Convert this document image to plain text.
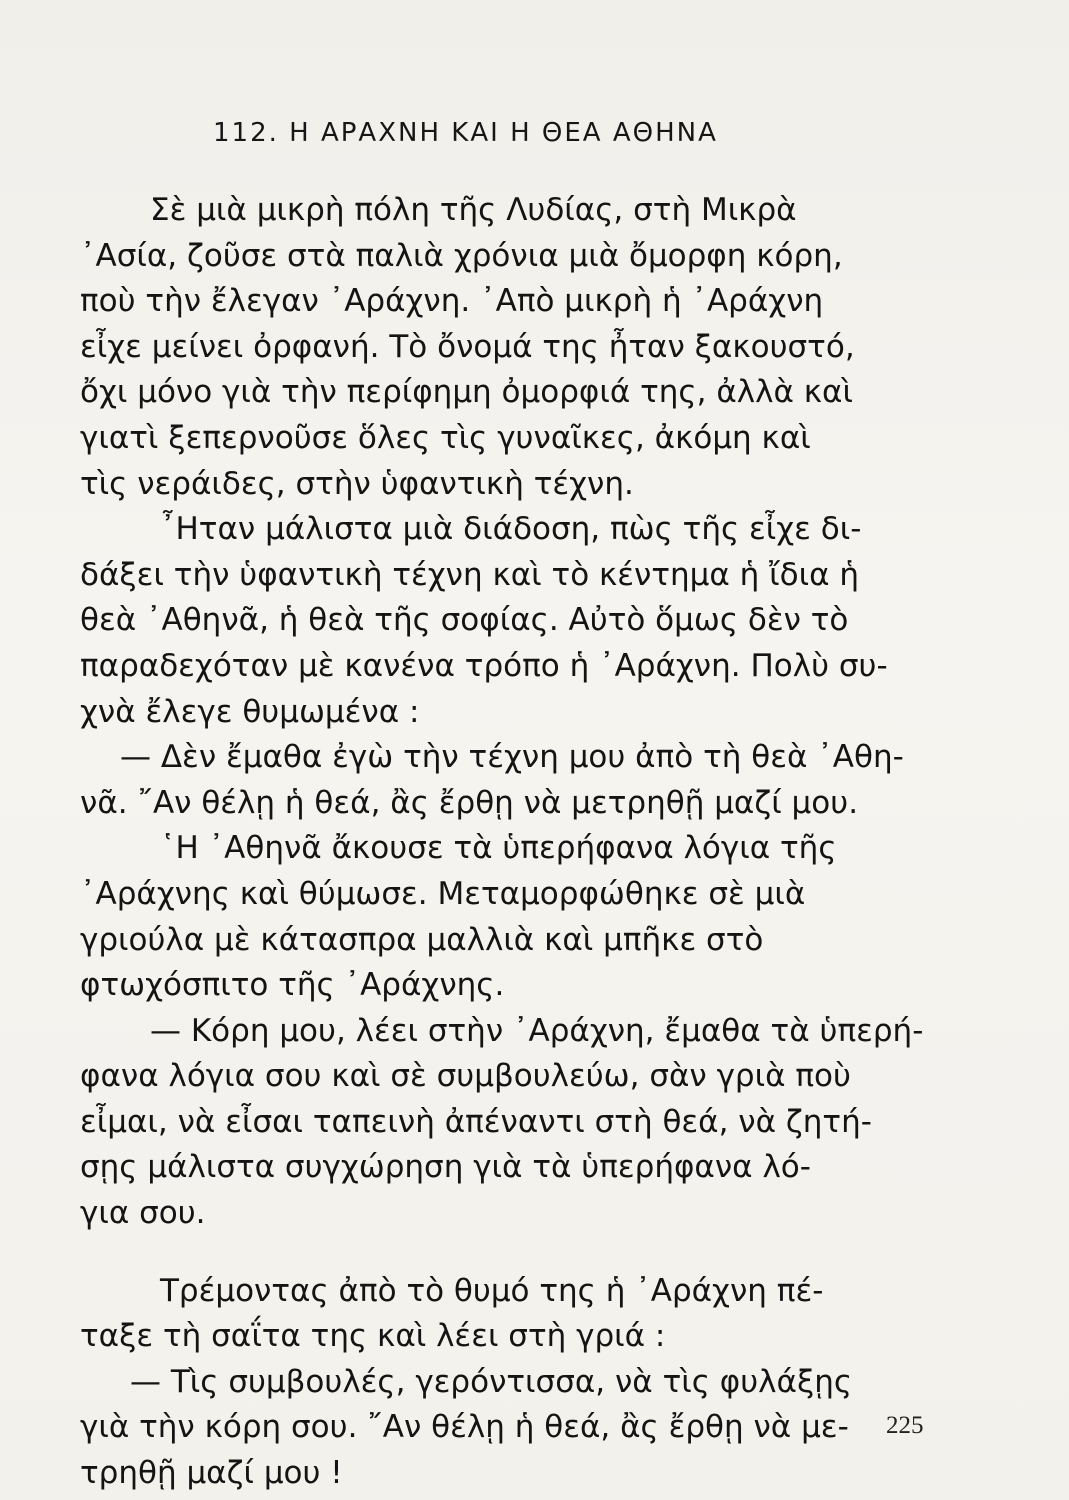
112. Η ΑΡΑΧΝΗ ΚΑΙ Η ΘΕΑ ΑΘΗΝΑ
Σὲ μιὰ μικρὴ πόλη τῆς Λυδίας, στὴ Μικρὰ
᾿Ασία, ζοῦσε στὰ παλιὰ χρόνια μιὰ ὄμορφη κόρη,
ποὺ τὴν ἔλεγαν ᾿Αράχνη. ᾿Απὸ μικρὴ ἡ ᾿Αράχνη
εἶχε μείνει ὀρφανή. Τὸ ὄνομά της ἦταν ξακουστό,
ὄχι μόνο γιὰ τὴν περίφημη ὀμορφιά της, ἀλλὰ καὶ
γιατὶ ξεπερνοῦσε ὅλες τὶς γυναῖκες, ἀκόμη καὶ
τὶς νεράιδες, στὴν ὑφαντικὴ τέχνη.
῏Ηταν μάλιστα μιὰ διάδοση, πὼς τῆς εἶχε δι-
δάξει τὴν ὑφαντικὴ τέχνη καὶ τὸ κέντημα ἡ ἴδια ἡ
θεὰ ᾿Αθηνᾶ, ἡ θεὰ τῆς σοφίας. Αὐτὸ ὅμως δὲν τὸ
παραδεχόταν μὲ κανένα τρόπο ἡ ᾿Αράχνη. Πολὺ συ-
χνὰ ἔλεγε θυμωμένα :
— Δὲν ἔμαθα ἐγὼ τὴν τέχνη μου ἀπὸ τὴ θεὰ ᾿Αθη-
νᾶ. ῎Αν θέλῃ ἡ θεά, ἂς ἔρθῃ νὰ μετρηθῇ μαζί μου.
῾Η ᾿Αθηνᾶ ἄκουσε τὰ ὑπερήφανα λόγια τῆς
᾿Αράχνης καὶ θύμωσε. Μεταμορφώθηκε σὲ μιὰ
γριούλα μὲ κάτασπρα μαλλιὰ καὶ μπῆκε στὸ
φτωχόσπιτο τῆς ᾿Αράχνης.
— Κόρη μου, λέει στὴν ᾿Αράχνη, ἔμαθα τὰ ὑπερή-
φανα λόγια σου καὶ σὲ συμβουλεύω, σὰν γριὰ ποὺ
εἶμαι, νὰ εἶσαι ταπεινὴ ἀπέναντι στὴ θεά, νὰ ζητή-
σῃς μάλιστα συγχώρηση γιὰ τὰ ὑπερήφανα λό-
για σου.
Τρέμοντας ἀπὸ τὸ θυμό της ἡ ᾿Αράχνη πέ-
ταξε τὴ σαΐτα της καὶ λέει στὴ γριά :
— Τὶς συμβουλές, γερόντισσα, νὰ τὶς φυλάξῃς
γιὰ τὴν κόρη σου. ῎Αν θέλῃ ἡ θεά, ἂς ἔρθῃ νὰ με-
τρηθῇ μαζί μου !
225
